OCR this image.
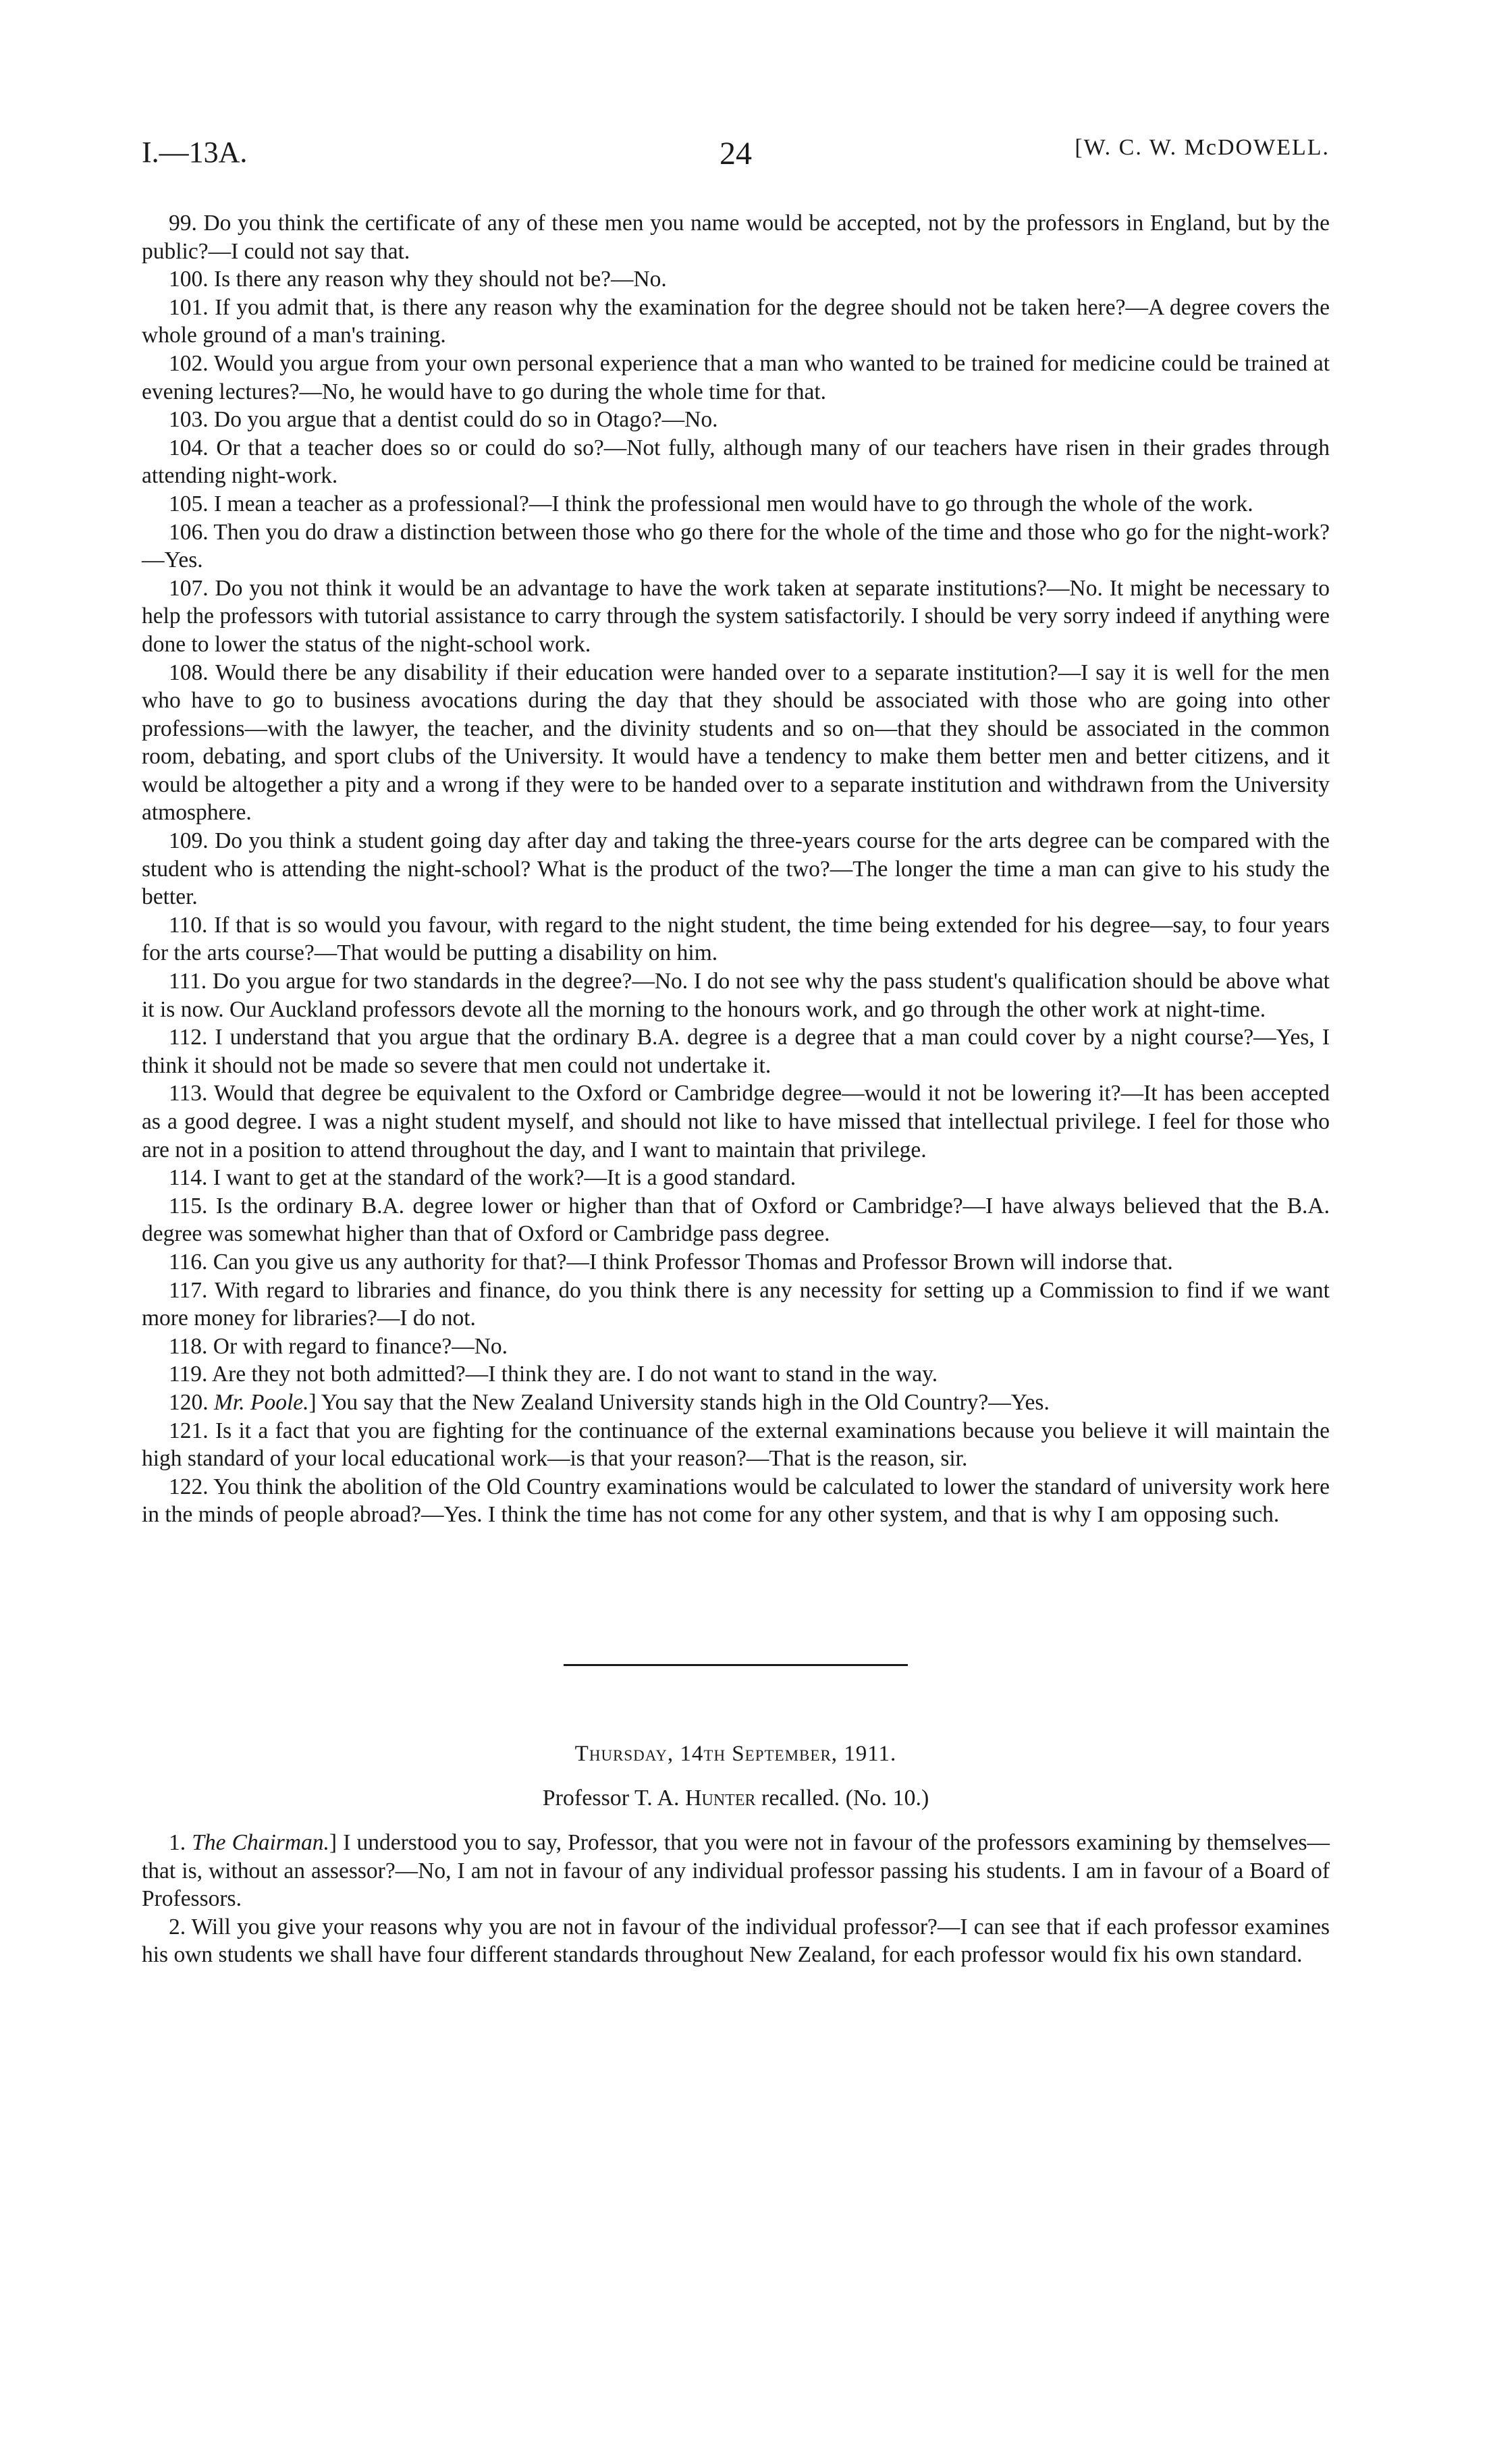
I.—13A.	24	[W. C. W. McDOWELL.

99. Do you think the certificate of any of these men you name would be accepted, not by the professors in England, but by the public?—I could not say that.

100. Is there any reason why they should not be?—No.

101. If you admit that, is there any reason why the examination for the degree should not be taken here?—A degree covers the whole ground of a man's training.

102. Would you argue from your own personal experience that a man who wanted to be trained for medicine could be trained at evening lectures?—No, he would have to go during the whole time for that.

103. Do you argue that a dentist could do so in Otago?—No.

104. Or that a teacher does so or could do so?—Not fully, although many of our teachers have risen in their grades through attending night-work.

105. I mean a teacher as a professional?—I think the professional men would have to go through the whole of the work.

106. Then you do draw a distinction between those who go there for the whole of the time and those who go for the night-work?—Yes.

107. Do you not think it would be an advantage to have the work taken at separate institutions?—No. It might be necessary to help the professors with tutorial assistance to carry through the system satisfactorily. I should be very sorry indeed if anything were done to lower the status of the night-school work.

108. Would there be any disability if their education were handed over to a separate institution?—I say it is well for the men who have to go to business avocations during the day that they should be associated with those who are going into other professions—with the lawyer, the teacher, and the divinity students and so on—that they should be associated in the common room, debating, and sport clubs of the University. It would have a tendency to make them better men and better citizens, and it would be altogether a pity and a wrong if they were to be handed over to a separate institution and withdrawn from the University atmosphere.

109. Do you think a student going day after day and taking the three-years course for the arts degree can be compared with the student who is attending the night-school? What is the product of the two?—The longer the time a man can give to his study the better.

110. If that is so would you favour, with regard to the night student, the time being extended for his degree—say, to four years for the arts course?—That would be putting a disability on him.

111. Do you argue for two standards in the degree?—No. I do not see why the pass student's qualification should be above what it is now. Our Auckland professors devote all the morning to the honours work, and go through the other work at night-time.

112. I understand that you argue that the ordinary B.A. degree is a degree that a man could cover by a night course?—Yes, I think it should not be made so severe that men could not undertake it.

113. Would that degree be equivalent to the Oxford or Cambridge degree—would it not be lowering it?—It has been accepted as a good degree. I was a night student myself, and should not like to have missed that intellectual privilege. I feel for those who are not in a position to attend throughout the day, and I want to maintain that privilege.

114. I want to get at the standard of the work?—It is a good standard.

115. Is the ordinary B.A. degree lower or higher than that of Oxford or Cambridge?—I have always believed that the B.A. degree was somewhat higher than that of Oxford or Cambridge pass degree.

116. Can you give us any authority for that?—I think Professor Thomas and Professor Brown will indorse that.

117. With regard to libraries and finance, do you think there is any necessity for setting up a Commission to find if we want more money for libraries?—I do not.

118. Or with regard to finance?—No.

119. Are they not both admitted?—I think they are. I do not want to stand in the way.

120. Mr. Poole.] You say that the New Zealand University stands high in the Old Country?—Yes.

121. Is it a fact that you are fighting for the continuance of the external examinations because you believe it will maintain the high standard of your local educational work—is that your reason?—That is the reason, sir.

122. You think the abolition of the Old Country examinations would be calculated to lower the standard of university work here in the minds of people abroad?—Yes. I think the time has not come for any other system, and that is why I am opposing such.

Thursday, 14th September, 1911.
Professor T. A. Hunter recalled. (No. 10.)

1. The Chairman.] I understood you to say, Professor, that you were not in favour of the professors examining by themselves—that is, without an assessor?—No, I am not in favour of any individual professor passing his students. I am in favour of a Board of Professors.

2. Will you give your reasons why you are not in favour of the individual professor?—I can see that if each professor examines his own students we shall have four different standards throughout New Zealand, for each professor would fix his own standard.
